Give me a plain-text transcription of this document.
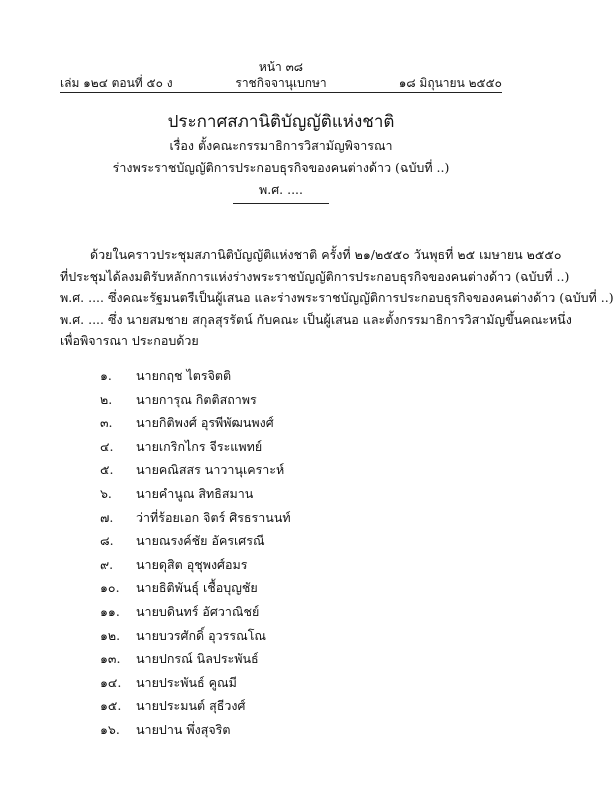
หน้า ๓๘
เล่ม ๑๒๔ ตอนที่ ๕๐ ง	ราชกิจจานุเบกษา	๑๘ มิถุนายน ๒๕๕๐
ประกาศสภานิติบัญญัติแห่งชาติ
เรื่อง ตั้งคณะกรรมาธิการวิสามัญพิจารณา
ร่างพระราชบัญญัติการประกอบธุรกิจของคนต่างด้าว (ฉบับที่ ..)
พ.ศ. ....
ด้วยในคราวประชุมสภานิติบัญญัติแห่งชาติ ครั้งที่ ๒๑/๒๕๕๐ วันพุธที่ ๒๕ เมษายน ๒๕๕๐
ที่ประชุมได้ลงมติรับหลักการแห่งร่างพระราชบัญญัติการประกอบธุรกิจของคนต่างด้าว (ฉบับที่ ..)
พ.ศ. .... ซึ่งคณะรัฐมนตรีเป็นผู้เสนอ และร่างพระราชบัญญัติการประกอบธุรกิจของคนต่างด้าว (ฉบับที่ ..)
พ.ศ. .... ซึ่ง นายสมชาย สกุลสุรรัตน์ กับคณะ เป็นผู้เสนอ และตั้งกรรมาธิการวิสามัญขึ้นคณะหนึ่ง
เพื่อพิจารณา ประกอบด้วย
๑. นายกฤช ไตรจิตติ
๒. นายการุณ กิตติสถาพร
๓. นายกิติพงศ์ อุรพีพัฒนพงศ์
๔. นายเกริกไกร จีระแพทย์
๕. นายคณิสสร นาวานุเคราะห์
๖. นายคำนูณ สิทธิสมาน
๗. ว่าที่ร้อยเอก จิตร์ ศิรธรานนท์
๘. นายณรงค์ชัย อัครเศรณี
๙. นายดุสิต อุชุพงศ์อมร
๑๐. นายธิติพันธุ์ เชื้อบุญชัย
๑๑. นายบดินทร์ อัศวาณิชย์
๑๒. นายบวรศักดิ์ อุวรรณโณ
๑๓. นายปกรณ์ นิลประพันธ์
๑๔. นายประพันธ์ คูณมี
๑๕. นายประมนต์ สุธีวงศ์
๑๖. นายปาน พึ่งสุจริต
